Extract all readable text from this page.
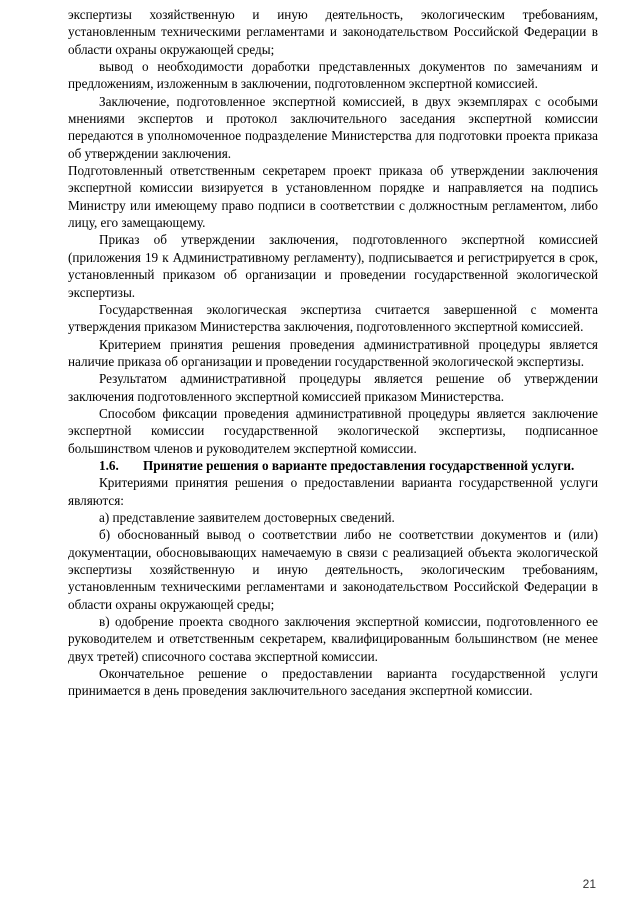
экспертизы хозяйственную и иную деятельность, экологическим требованиям, установленным техническими регламентами и законодательством Российской Федерации в области охраны окружающей среды;

вывод о необходимости доработки представленных документов по замечаниям и предложениям, изложенным в заключении, подготовленном экспертной комиссией.

Заключение, подготовленное экспертной комиссией, в двух экземплярах с особыми мнениями экспертов и протокол заключительного заседания экспертной комиссии передаются в уполномоченное подразделение Министерства для подготовки проекта приказа об утверждении заключения.

Подготовленный ответственным секретарем проект приказа об утверждении заключения экспертной комиссии визируется в установленном порядке и направляется на подпись Министру или имеющему право подписи в соответствии с должностным регламентом, либо лицу, его замещающему.

Приказ об утверждении заключения, подготовленного экспертной комиссией (приложения 19 к Административному регламенту), подписывается и регистрируется в срок, установленный приказом об организации и проведении государственной экологической экспертизы.

Государственная экологическая экспертиза считается завершенной с момента утверждения приказом Министерства заключения, подготовленного экспертной комиссией.

Критерием принятия решения проведения административной процедуры является наличие приказа об организации и проведении государственной экологической экспертизы.

Результатом административной процедуры является решение об утверждении заключения подготовленного экспертной комиссией приказом Министерства.

Способом фиксации проведения административной процедуры является заключение экспертной комиссии государственной экологической экспертизы, подписанное большинством членов и руководителем экспертной комиссии.

1.6. Принятие решения о варианте предоставления государственной услуги.

Критериями принятия решения о предоставлении варианта государственной услуги являются:

а) представление заявителем достоверных сведений.

б) обоснованный вывод о соответствии либо не соответствии документов и (или) документации, обосновывающих намечаемую в связи с реализацией объекта экологической экспертизы хозяйственную и иную деятельность, экологическим требованиям, установленным техническими регламентами и законодательством Российской Федерации в области охраны окружающей среды;

в) одобрение проекта сводного заключения экспертной комиссии, подготовленного ее руководителем и ответственным секретарем, квалифицированным большинством (не менее двух третей) списочного состава экспертной комиссии.

Окончательное решение о предоставлении варианта государственной услуги принимается в день проведения заключительного заседания экспертной комиссии.

21
